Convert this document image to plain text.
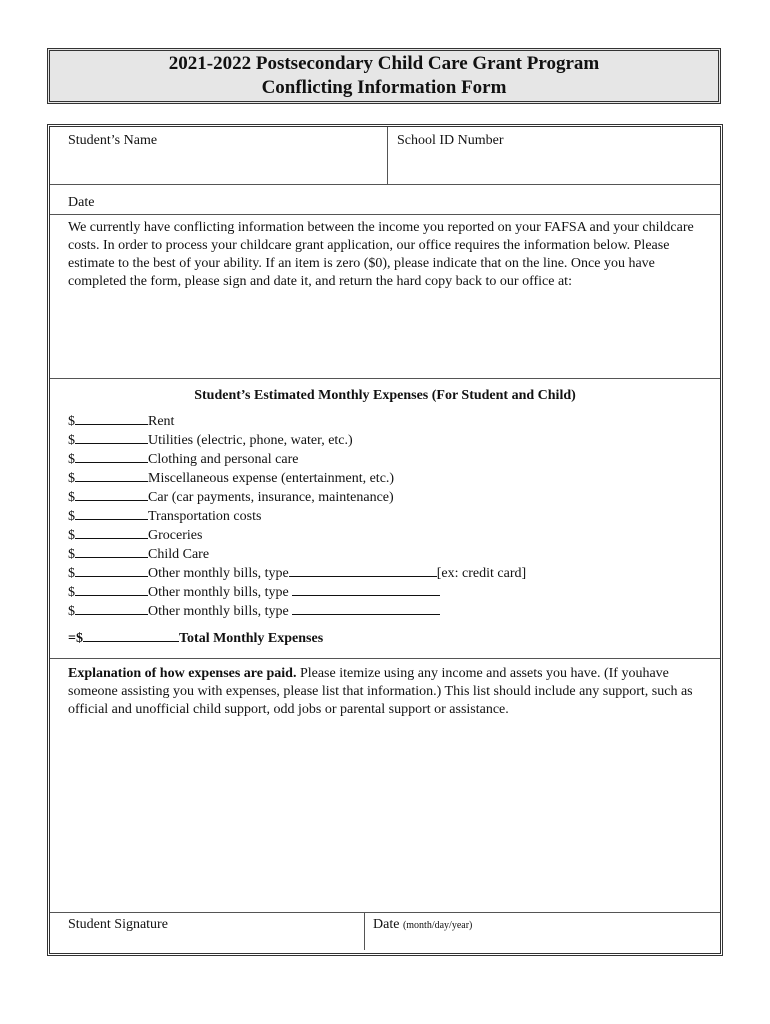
2021-2022 Postsecondary Child Care Grant Program
Conflicting Information Form
Student’s Name	School ID Number
Date
We currently have conflicting information between the income you reported on your FAFSA and your childcare costs. In order to process your childcare grant application, our office requires the information below. Please estimate to the best of your ability. If an item is zero ($0), please indicate that on the line. Once you have completed the form, please sign and date it, and return the hard copy back to our office at:
Student’s Estimated Monthly Expenses (For Student and Child)
$	Rent
$	Utilities (electric, phone, water, etc.)
$	Clothing and personal care
$	Miscellaneous expense (entertainment, etc.)
$	Car (car payments, insurance, maintenance)
$	Transportation costs
$	Groceries
$	Child Care
$	Other monthly bills, type	[ex: credit card]
$	Other monthly bills, type
$	Other monthly bills, type
=$	Total Monthly Expenses
Explanation of how expenses are paid. Please itemize using any income and assets you have. (If youhave someone assisting you with expenses, please list that information.) This list should include any support, such as official and unofficial child support, odd jobs or parental support or assistance.
Student Signature	Date (month/day/year)
